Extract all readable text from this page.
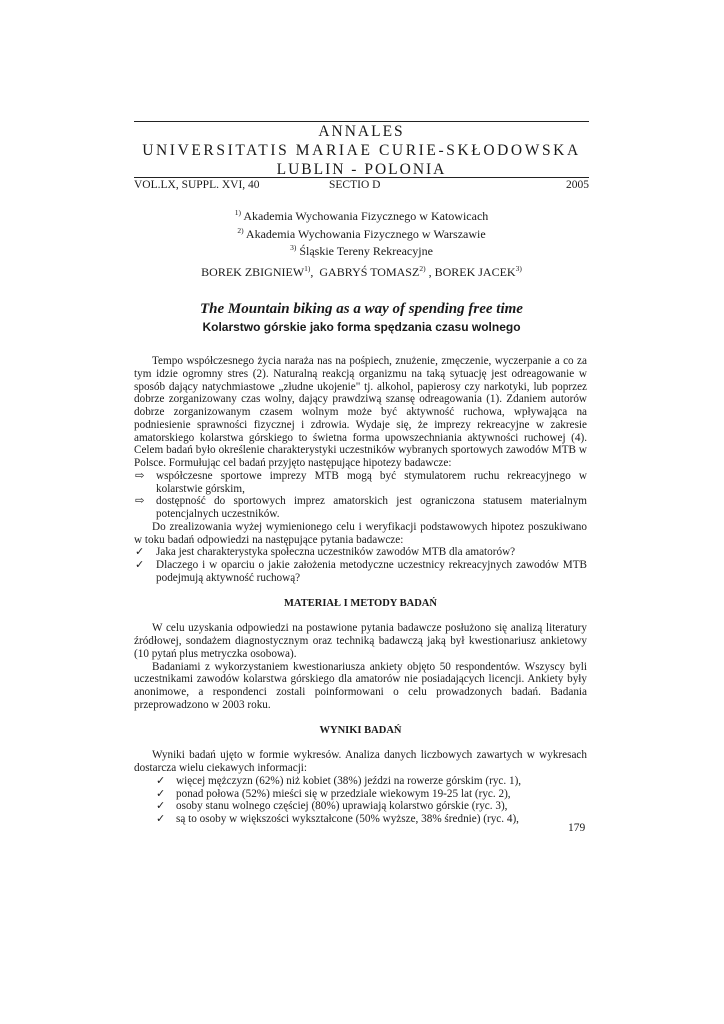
ANNALES
UNIVERSITATIS MARIAE CURIE-SKŁODOWSKA
LUBLIN - POLONIA
VOL.LX, SUPPL. XVI, 40	SECTIO D	2005
$^{1)}$ Akademia Wychowania Fizycznego w Katowicach
$^{2)}$ Akademia Wychowania Fizycznego w Warszawie
$^{3)}$ Śląskie Tereny Rekreacyjne
BOREK ZBIGNIEW$^{1)}$,  GABRYŚ TOMASZ$^{2)}$ , BOREK JACEK$^{3)}$
The Mountain biking as a way of spending free time
Kolarstwo górskie jako forma spędzania czasu wolnego

Tempo współczesnego życia naraża nas na pośpiech, znużenie, zmęczenie, wyczerpanie a co za tym idzie ogromny stres (2). Naturalną reakcją organizmu na taką sytuację jest odreagowanie w sposób dający natychmiastowe „złudne ukojenie" tj. alkohol, papierosy czy narkotyki, lub poprzez dobrze zorganizowany czas wolny, dający prawdziwą szansę odreagowania (1). Zdaniem autorów dobrze zorganizowanym czasem wolnym może być aktywność ruchowa, wpływająca na podniesienie sprawności fizycznej i zdrowia. Wydaje się, że imprezy rekreacyjne w zakresie amatorskiego kolarstwa górskiego to świetna forma upowszechniania aktywności ruchowej (4). Celem badań było określenie charakterystyki uczestników wybranych sportowych zawodów MTB w Polsce. Formułując cel badań przyjęto następujące hipotezy badawcze:

⇨ współczesne sportowe imprezy MTB mogą być stymulatorem ruchu rekreacyjnego w kolarstwie górskim,
⇨ dostępność do sportowych imprez amatorskich jest ograniczona statusem materialnym potencjalnych uczestników.

Do zrealizowania wyżej wymienionego celu i weryfikacji podstawowych hipotez poszukiwano w toku badań odpowiedzi na następujące pytania badawcze:

✓ Jaka jest charakterystyka społeczna uczestników zawodów MTB dla amatorów?
✓ Dlaczego i w oparciu o jakie założenia metodyczne uczestnicy rekreacyjnych zawodów MTB podejmują aktywność ruchową?
MATERIAŁ I METODY BADAŃ

W celu uzyskania odpowiedzi na postawione pytania badawcze posłużono się analizą literatury źródłowej, sondażem diagnostycznym oraz techniką badawczą jaką był kwestionariusz ankietowy (10 pytań plus metryczka osobowa).

Badaniami z wykorzystaniem kwestionariusza ankiety objęto 50 respondentów. Wszyscy byli uczestnikami zawodów kolarstwa górskiego dla amatorów nie posiadających licencji. Ankiety były anonimowe, a respondenci zostali poinformowani o celu prowadzonych badań. Badania przeprowadzono w 2003 roku.

WYNIKI BADAŃ

Wyniki badań ujęto w formie wykresów. Analiza danych liczbowych zawartych w wykresach dostarcza wielu ciekawych informacji:

✓ więcej mężczyzn (62%) niż kobiet (38%) jeździ na rowerze górskim (ryc. 1),
✓ ponad połowa (52%) mieści się w przedziale wiekowym 19-25 lat (ryc. 2),
✓ osoby stanu wolnego częściej (80%) uprawiają kolarstwo górskie (ryc. 3),
✓ są to osoby w większości wykształcone (50% wyższe, 38% średnie) (ryc. 4),
179
